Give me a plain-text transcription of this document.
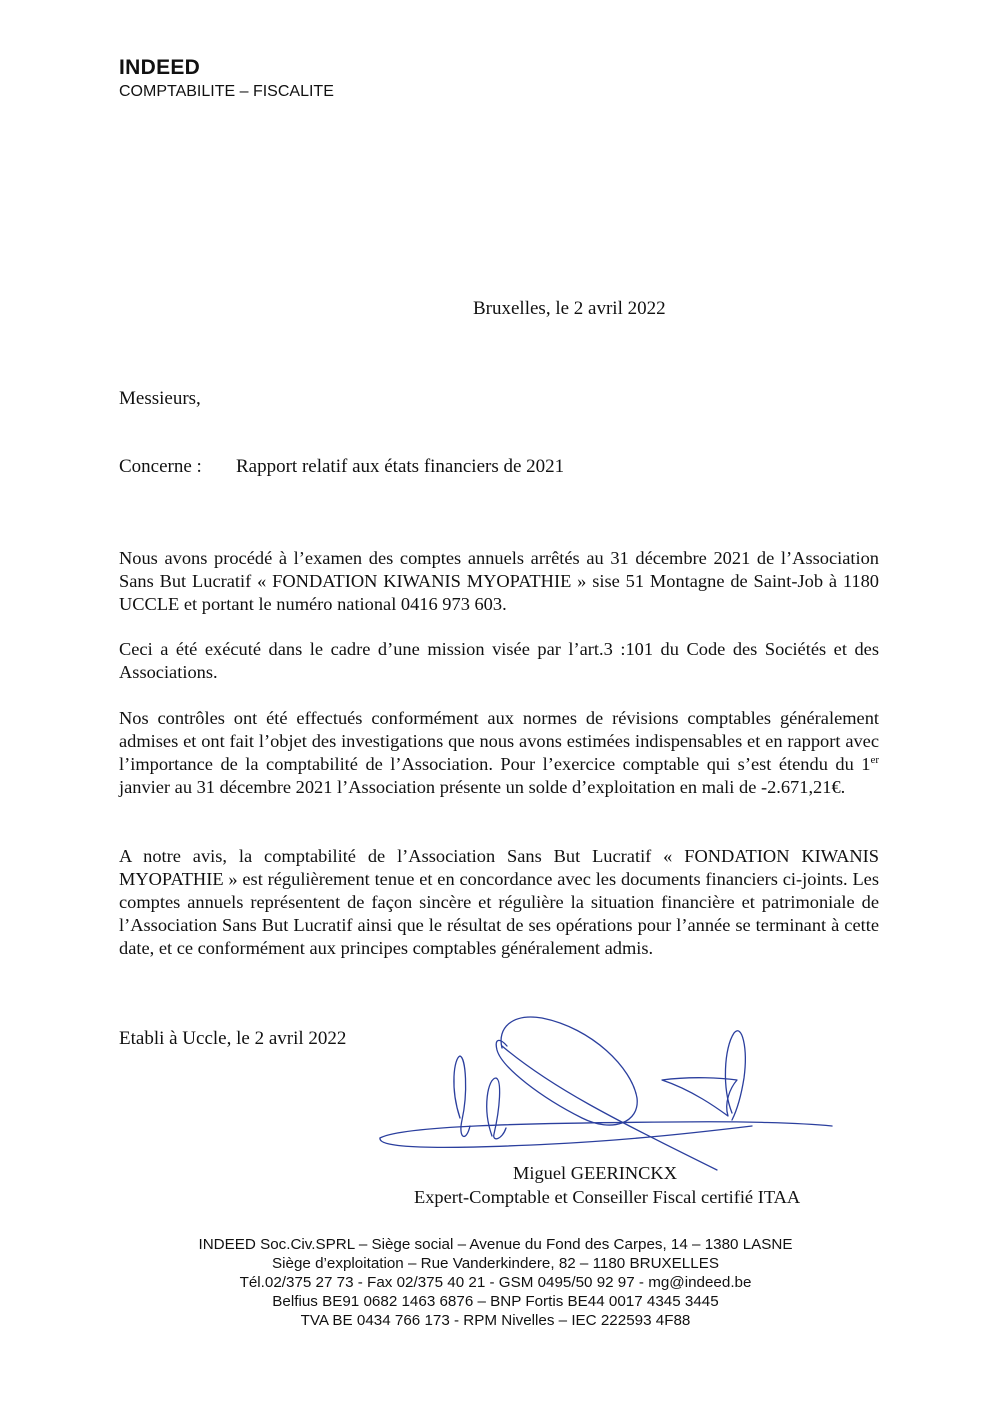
INDEED
COMPTABILITE – FISCALITE
Bruxelles, le 2 avril 2022
Messieurs,
Concerne : Rapport relatif aux états financiers de 2021

Nous avons procédé à l’examen des comptes annuels arrêtés au 31 décembre 2021 de l’Association Sans But Lucratif « FONDATION KIWANIS MYOPATHIE » sise 51 Montagne de Saint-Job à 1180 UCCLE et portant le numéro national 0416 973 603.

Ceci a été exécuté dans le cadre d’une mission visée par l’art.3 :101 du Code des Sociétés et des Associations.

Nos contrôles ont été effectués conformément aux normes de révisions comptables généralement admises et ont fait l’objet des investigations que nous avons estimées indispensables et en rapport avec l’importance de la comptabilité de l’Association. Pour l’exercice comptable qui s’est étendu du 1er janvier au 31 décembre 2021 l’Association présente un solde d’exploitation en mali de -2.671,21€.

A notre avis, la comptabilité de l’Association Sans But Lucratif « FONDATION KIWANIS MYOPATHIE » est régulièrement tenue et en concordance avec les documents financiers ci-joints. Les comptes annuels représentent de façon sincère et régulière la situation financière et patrimoniale de l’Association Sans But Lucratif ainsi que le résultat de ses opérations pour l’année se terminant à cette date, et ce conformément aux principes comptables généralement admis.

Etabli à Uccle, le 2 avril 2022
Miguel GEERINCKX
Expert-Comptable et Conseiller Fiscal certifié ITAA
INDEED Soc.Civ.SPRL – Siège social – Avenue du Fond des Carpes, 14 – 1380 LASNE
Siège d’exploitation – Rue Vanderkindere, 82 – 1180 BRUXELLES
Tél.02/375 27 73 - Fax 02/375 40 21 - GSM 0495/50 92 97 - mg@indeed.be
Belfius BE91 0682 1463 6876 – BNP Fortis BE44 0017 4345 3445
TVA BE 0434 766 173 - RPM Nivelles – IEC 222593 4F88
